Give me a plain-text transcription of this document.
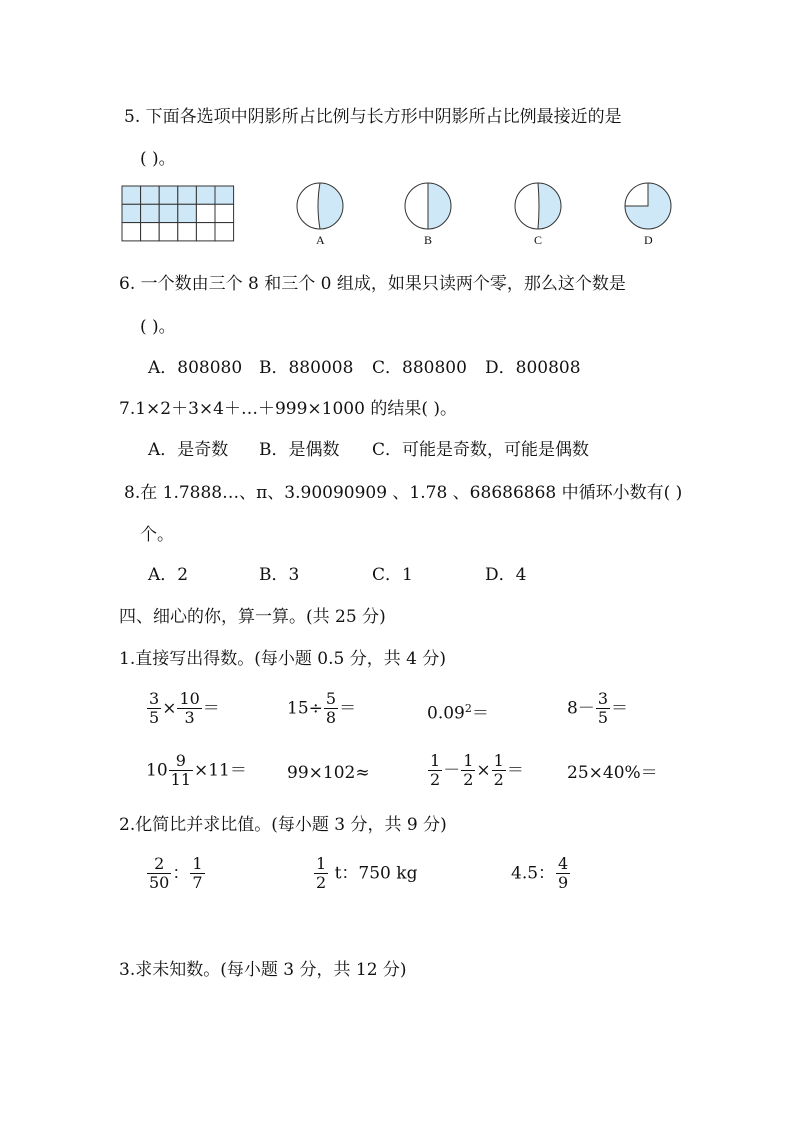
5. 下面各选项中阴影所占比例与长方形中阴影所占比例最接近的是
( )。
A	B	C	D
6. 一个数由三个 8 和三个 0 组成，如果只读两个零，那么这个数是
( )。
A．808080 B．880008 C．880800 D．800808
7.1×2＋3×4＋…＋999×1000 的结果( )。
A．是奇数 B．是偶数 C．可能是奇数，可能是偶数
8.在 1.7888…、π、3.90090909 、1.78 、68686868 中循环小数有( )
个。
A．2	B．3	C．1	D．4
四、细心的你，算一算。(共 25 分)
1.直接写出得数。(每小题 0.5 分，共 4 分)
$\frac{3}{5} \times \frac{10}{3}$ ＝	$15\div \frac{5}{8}$ ＝	$0.09^2=$	$8- \frac{3}{5}$ ＝
$10 \frac{9}{11} \times 11= 99\times 102\approx$	$\frac{1}{2} - \frac{1}{2} \times \frac{1}{2}$ ＝	25×40%＝
2.化简比并求比值。(每小题 3 分，共 9 分)
$\frac{2}{50}$ ： $\frac{1}{7}$	$\frac{1}{2}$ t：750 kg	4.5： $\frac{4}{9}$
3.求未知数。(每小题 3 分，共 12 分)
